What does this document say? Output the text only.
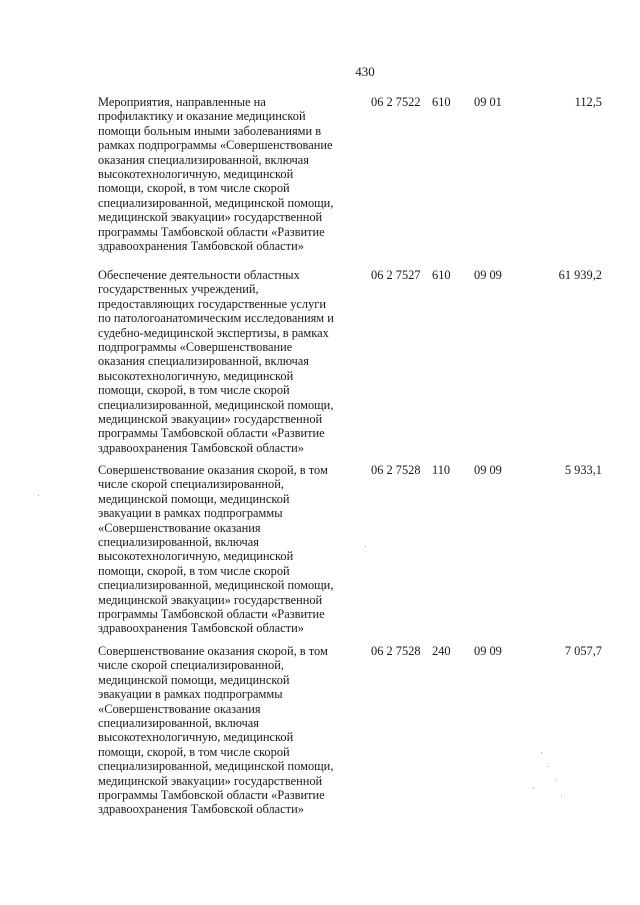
430
Мероприятия, направленные на
профилактику и оказание медицинской
помощи больным иными заболеваниями в
рамках подпрограммы «Совершенствование
оказания специализированной, включая
высокотехнологичную, медицинской
помощи, скорой, в том числе скорой
специализированной, медицинской помощи,
медицинской эвакуации» государственной
программы Тамбовской области «Развитие
здравоохранения Тамбовской области»
06 2 7522 610 09 01	112,5
Обеспечение деятельности областных
государственных учреждений,
предоставляющих государственные услуги
по патологоанатомическим исследованиям и
судебно-медицинской экспертизы, в рамках
подпрограммы «Совершенствование
оказания специализированной, включая
высокотехнологичную, медицинской
помощи, скорой, в том числе скорой
специализированной, медицинской помощи,
медицинской эвакуации» государственной
программы Тамбовской области «Развитие
здравоохранения Тамбовской области»
06 2 7527 610 09 09	61 939,2
Совершенствование оказания скорой, в том
числе скорой специализированной,
медицинской помощи, медицинской
эвакуации в рамках подпрограммы
«Совершенствование оказания
специализированной, включая
высокотехнологичную, медицинской
помощи, скорой, в том числе скорой
специализированной, медицинской помощи,
медицинской эвакуации» государственной
программы Тамбовской области «Развитие
здравоохранения Тамбовской области»
06 2 7528 110 09 09	5 933,1
Совершенствование оказания скорой, в том
числе скорой специализированной,
медицинской помощи, медицинской
эвакуации в рамках подпрограммы
«Совершенствование оказания
специализированной, включая
высокотехнологичную, медицинской
помощи, скорой, в том числе скорой
специализированной, медицинской помощи,
медицинской эвакуации» государственной
программы Тамбовской области «Развитие
здравоохранения Тамбовской области»
06 2 7528 240 09 09	7 057,7
